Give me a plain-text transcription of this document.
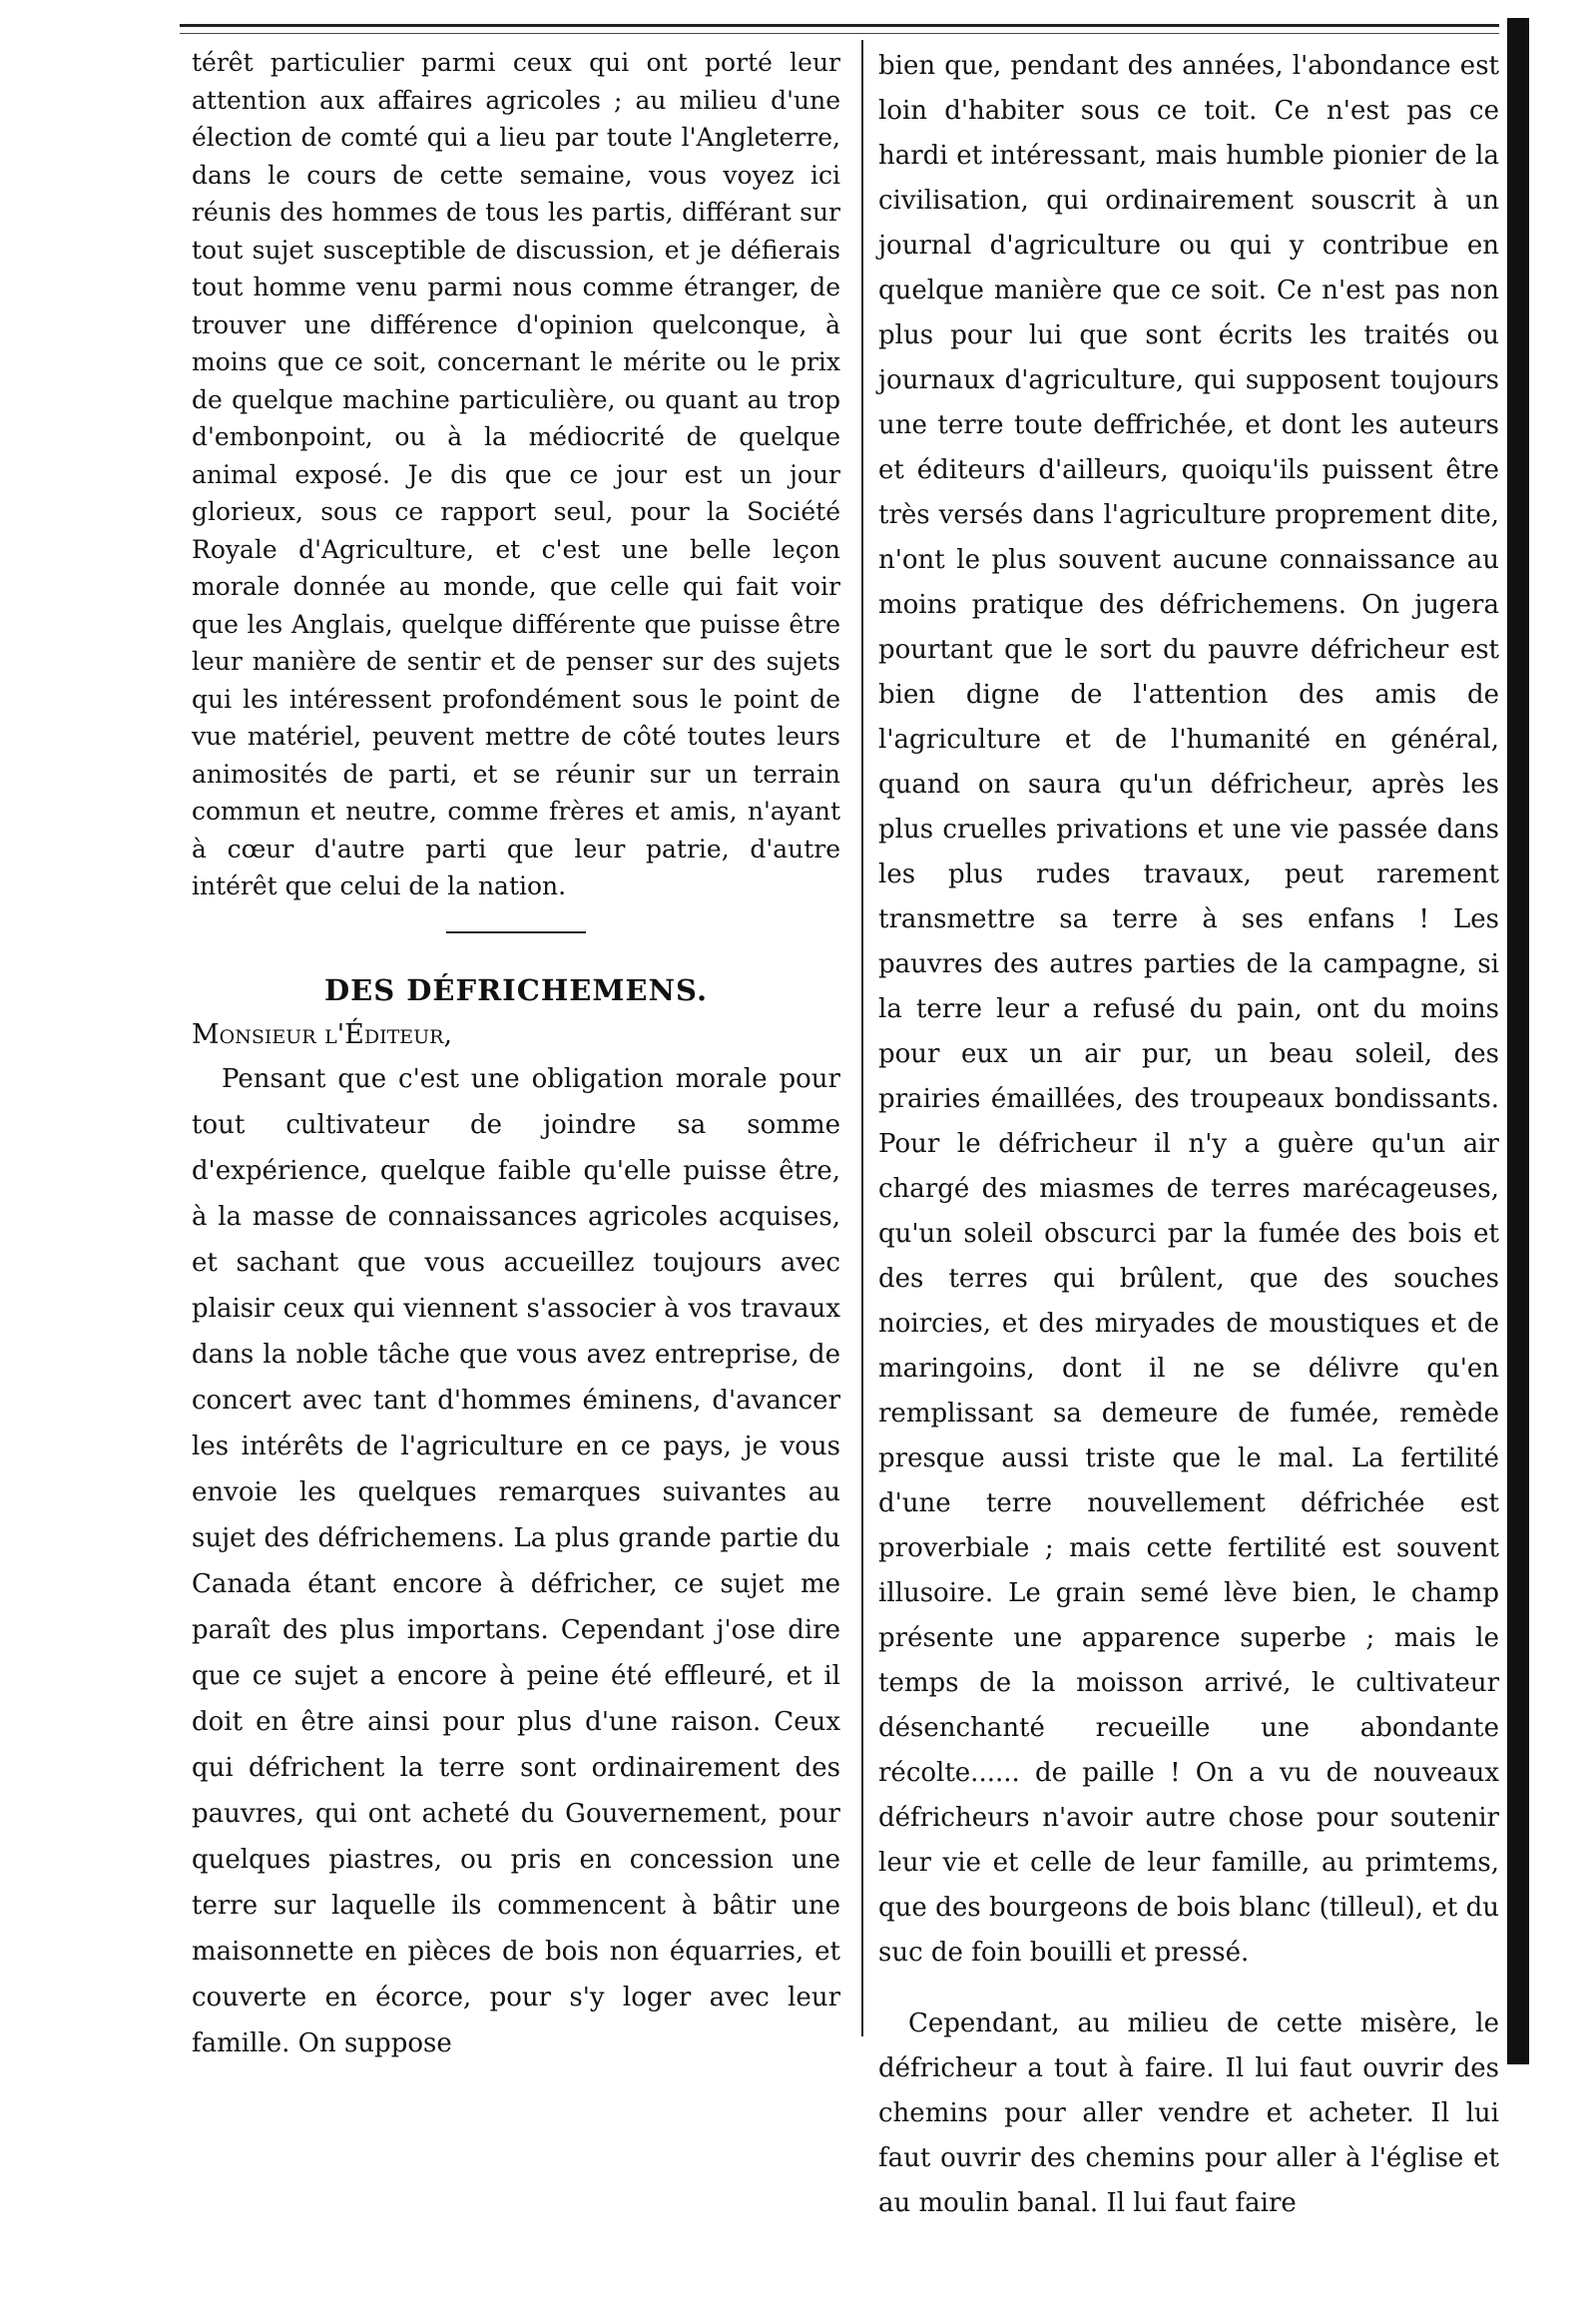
térêt particulier parmi ceux qui ont porté leur attention aux affaires agricoles ; au milieu d'une élection de comté qui a lieu par toute l'Angleterre, dans le cours de cette semaine, vous voyez ici réunis des hommes de tous les partis, différant sur tout sujet susceptible de discussion, et je défierais tout homme venu parmi nous comme étranger, de trouver une différence d'opinion quelconque, à moins que ce soit, concernant le mérite ou le prix de quelque machine particulière, ou quant au trop d'embonpoint, ou à la médiocrité de quelque animal exposé. Je dis que ce jour est un jour glorieux, sous ce rapport seul, pour la Société Royale d'Agriculture, et c'est une belle leçon morale donnée au monde, que celle qui fait voir que les Anglais, quelque différente que puisse être leur manière de sentir et de penser sur des sujets qui les intéressent profondément sous le point de vue matériel, peuvent mettre de côté toutes leurs animosités de parti, et se réunir sur un terrain commun et neutre, comme frères et amis, n'ayant à cœur d'autre parti que leur patrie, d'autre intérêt que celui de la nation.

DES DÉFRICHEMENS.

Monsieur l'Éditeur,

Pensant que c'est une obligation morale pour tout cultivateur de joindre sa somme d'expérience, quelque faible qu'elle puisse être, à la masse de connaissances agricoles acquises, et sachant que vous accueillez toujours avec plaisir ceux qui viennent s'associer à vos travaux dans la noble tâche que vous avez entreprise, de concert avec tant d'hommes éminens, d'avancer les intérêts de l'agriculture en ce pays, je vous envoie les quelques remarques suivantes au sujet des défrichemens. La plus grande partie du Canada étant encore à défricher, ce sujet me paraît des plus importans. Cependant j'ose dire que ce sujet a encore à peine été effleuré, et il doit en être ainsi pour plus d'une raison. Ceux qui défrichent la terre sont ordinairement des pauvres, qui ont acheté du Gouvernement, pour quelques piastres, ou pris en concession une terre sur laquelle ils commencent à bâtir une maisonnette en pièces de bois non équarries, et couverte en écorce, pour s'y loger avec leur famille. On suppose

bien que, pendant des années, l'abondance est loin d'habiter sous ce toit. Ce n'est pas ce hardi et intéressant, mais humble pionier de la civilisation, qui ordinairement souscrit à un journal d'agriculture ou qui y contribue en quelque manière que ce soit. Ce n'est pas non plus pour lui que sont écrits les traités ou journaux d'agriculture, qui supposent toujours une terre toute deffrichée, et dont les auteurs et éditeurs d'ailleurs, quoiqu'ils puissent être très versés dans l'agriculture proprement dite, n'ont le plus souvent aucune connaissance au moins pratique des défrichemens. On jugera pourtant que le sort du pauvre défricheur est bien digne de l'attention des amis de l'agriculture et de l'humanité en général, quand on saura qu'un défricheur, après les plus cruelles privations et une vie passée dans les plus rudes travaux, peut rarement transmettre sa terre à ses enfans ! Les pauvres des autres parties de la campagne, si la terre leur a refusé du pain, ont du moins pour eux un air pur, un beau soleil, des prairies émaillées, des troupeaux bondissants. Pour le défricheur il n'y a guère qu'un air chargé des miasmes de terres marécageuses, qu'un soleil obscurci par la fumée des bois et des terres qui brûlent, que des souches noircies, et des miryades de moustiques et de maringoins, dont il ne se délivre qu'en remplissant sa demeure de fumée, remède presque aussi triste que le mal. La fertilité d'une terre nouvellement défrichée est proverbiale ; mais cette fertilité est souvent illusoire. Le grain semé lève bien, le champ présente une apparence superbe ; mais le temps de la moisson arrivé, le cultivateur désenchanté recueille une abondante récolte...... de paille ! On a vu de nouveaux défricheurs n'avoir autre chose pour soutenir leur vie et celle de leur famille, au primtems, que des bourgeons de bois blanc (tilleul), et du suc de foin bouilli et pressé.

Cependant, au milieu de cette misère, le défricheur a tout à faire. Il lui faut ouvrir des chemins pour aller vendre et acheter. Il lui faut ouvrir des chemins pour aller à l'église et au moulin banal. Il lui faut faire
